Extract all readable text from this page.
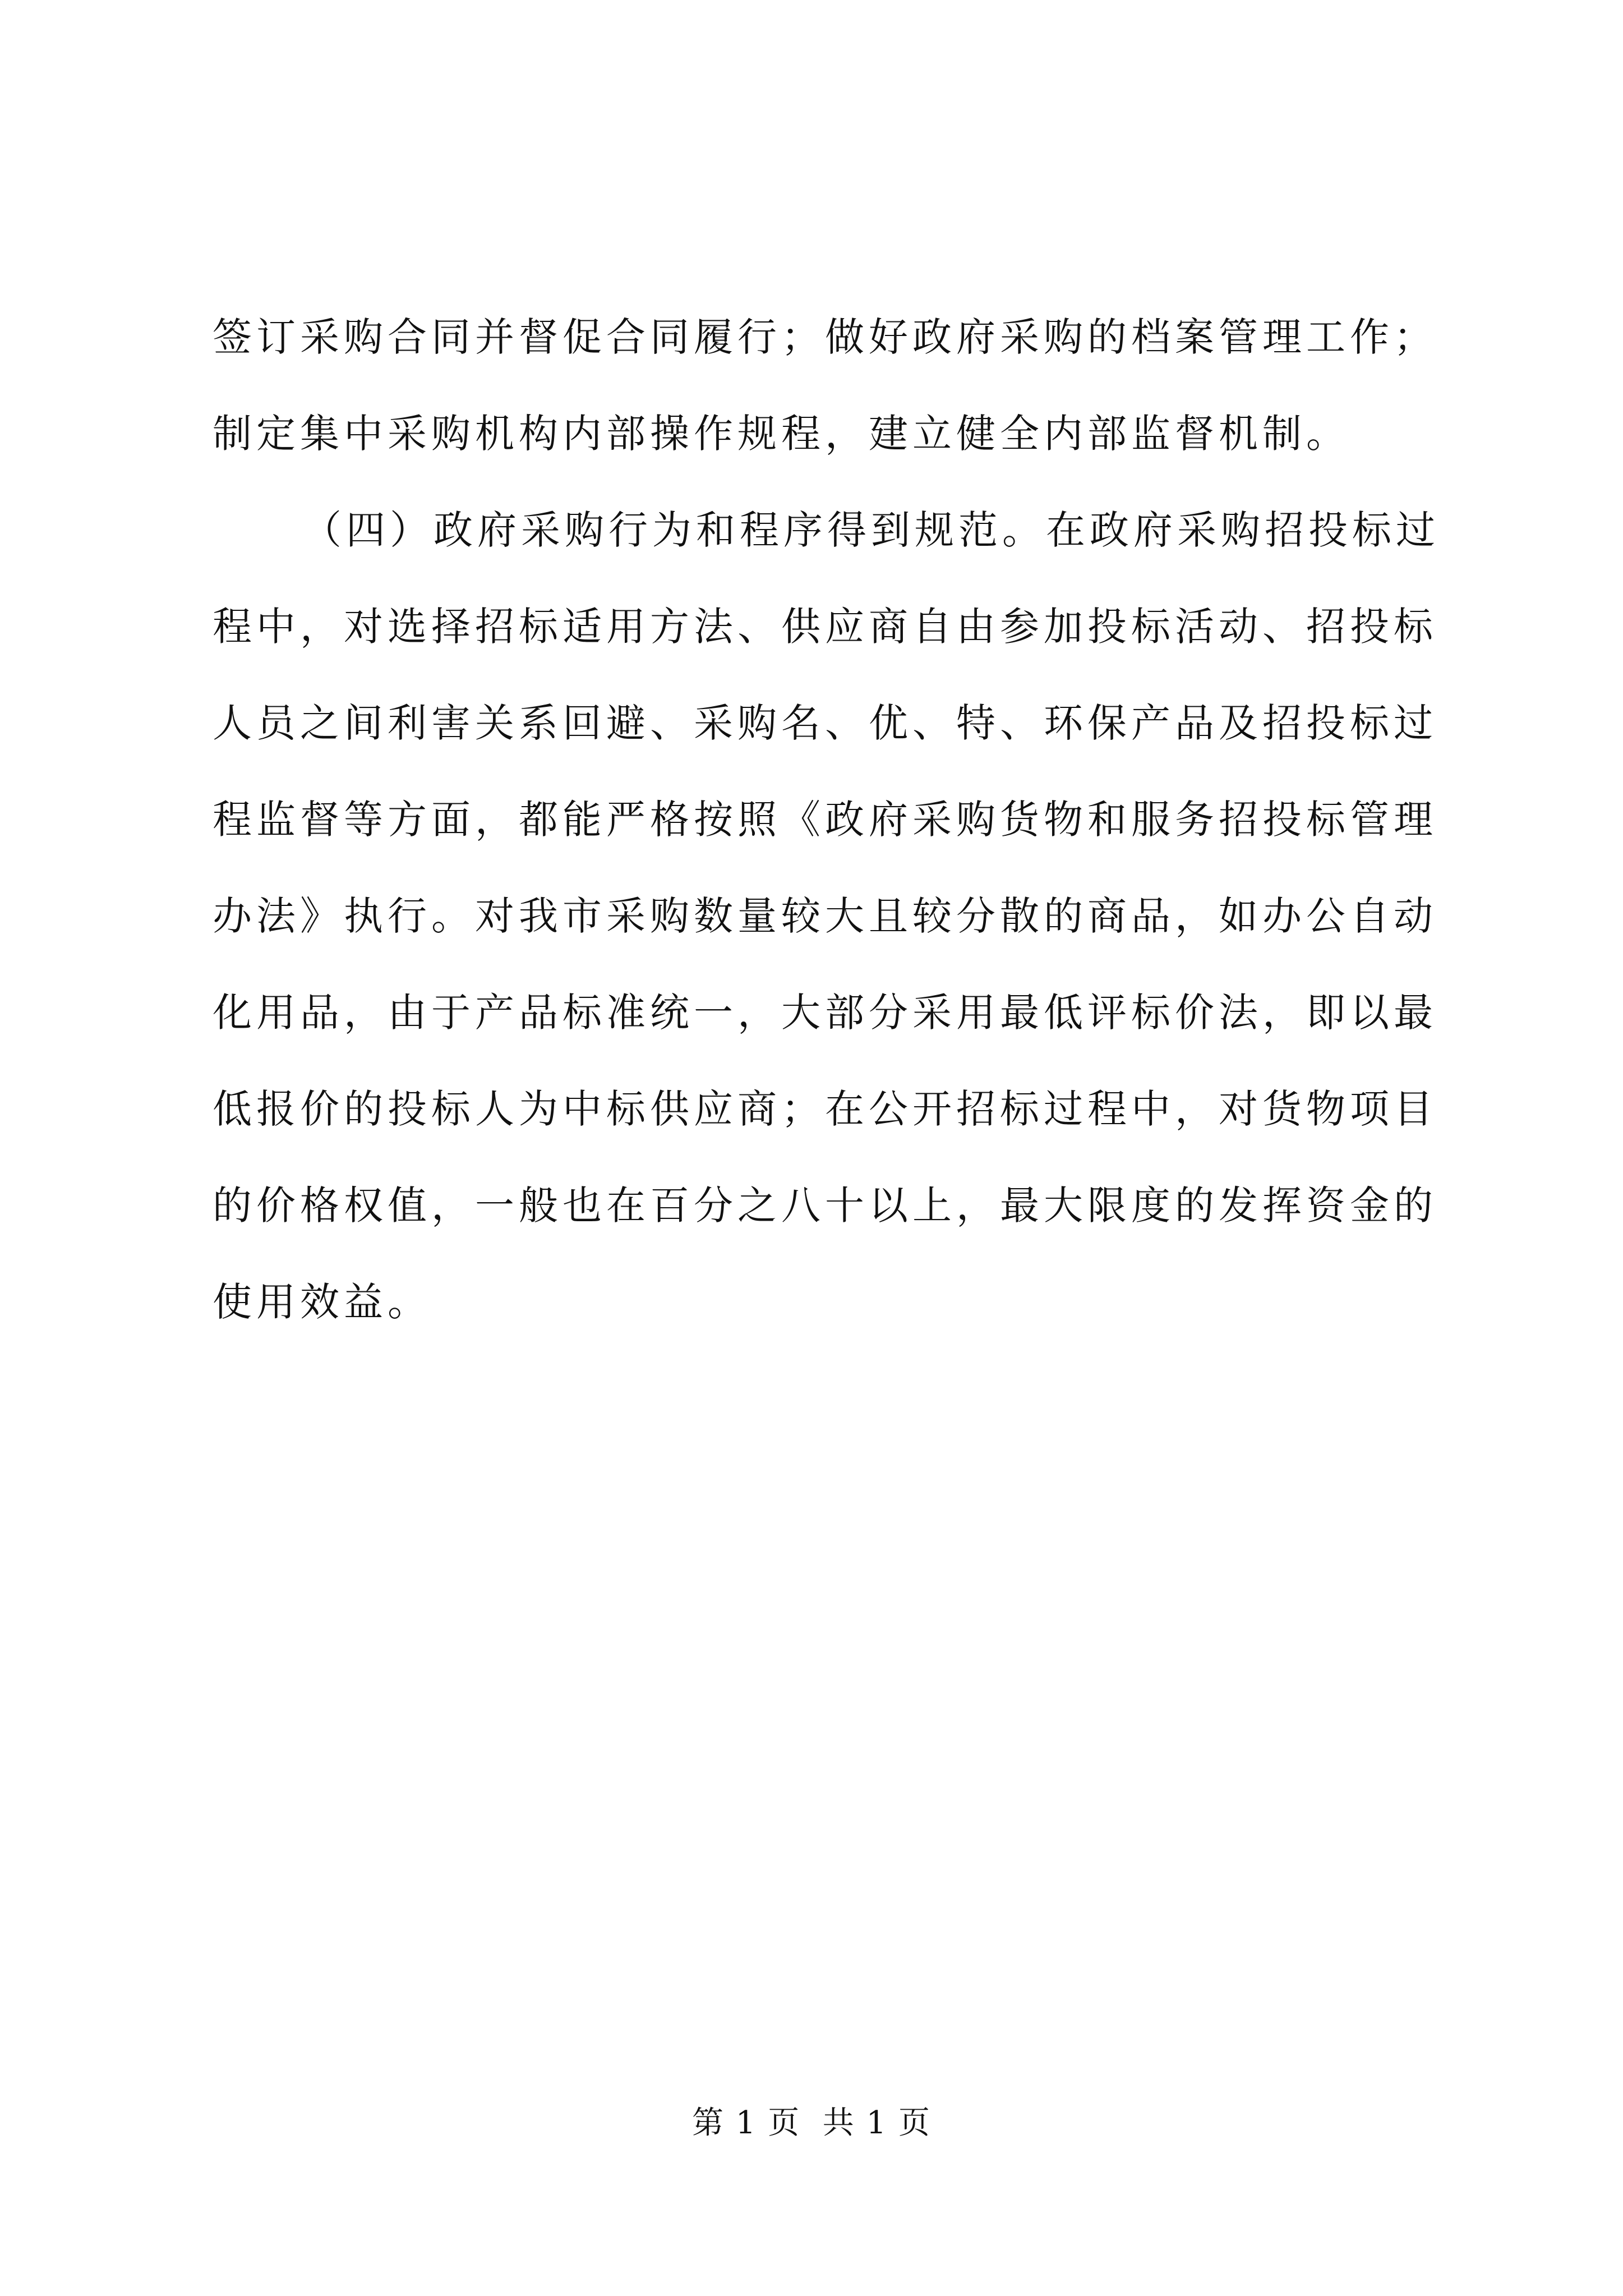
签订采购合同并督促合同履行；做好政府采购的档案管理工作；
制定集中采购机构内部操作规程，建立健全内部监督机制。
（四）政府采购行为和程序得到规范。在政府采购招投标过
程中，对选择招标适用方法、供应商自由参加投标活动、招投标
人员之间利害关系回避、采购名、优、特、环保产品及招投标过
程监督等方面，都能严格按照《政府采购货物和服务招投标管理
办法》执行。对我市采购数量较大且较分散的商品，如办公自动
化用品，由于产品标准统一，大部分采用最低评标价法，即以最
低报价的投标人为中标供应商；在公开招标过程中，对货物项目
的价格权值，一般也在百分之八十以上，最大限度的发挥资金的
使用效益。
第 1 页  共 1 页
